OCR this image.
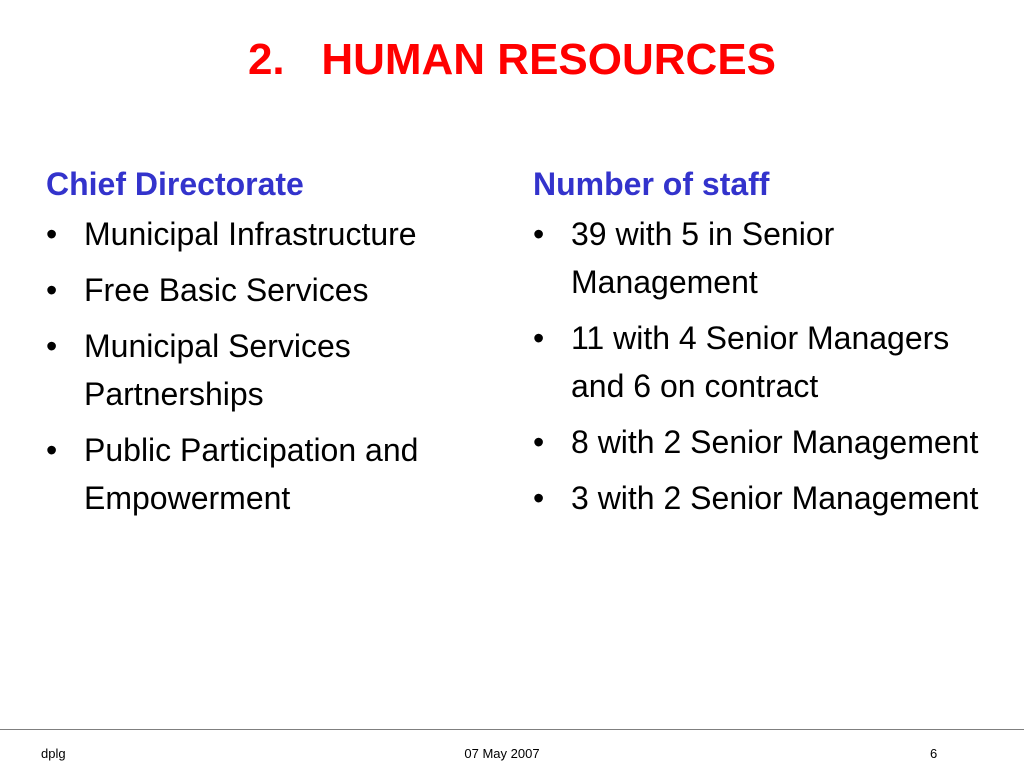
2.   HUMAN RESOURCES
Chief Directorate
• Municipal Infrastructure
• Free Basic Services
• Municipal Services Partnerships
• Public Participation and Empowerment
Number of staff
• 39 with 5 in Senior Management
• 11 with 4 Senior Managers and 6 on contract
• 8 with 2 Senior Management
• 3 with 2 Senior Management
dplg	07 May 2007	6
